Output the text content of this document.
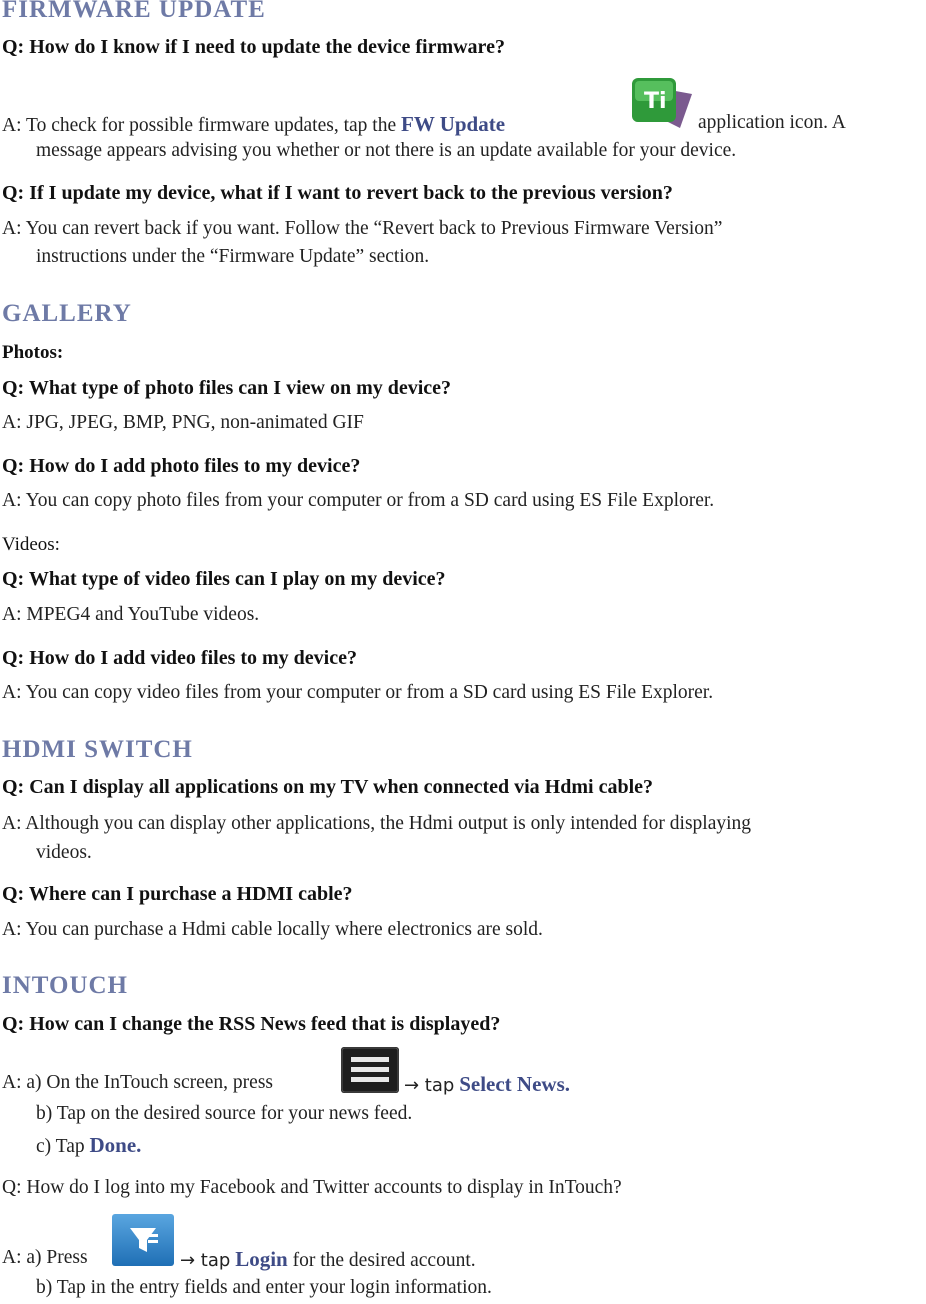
FIRMWARE UPDATE
Q: How do I know if I need to update the device firmware?
A: To check for possible firmware updates, tap the FW Update
Ti
application icon. A
message appears advising you whether or not there is an update available for your device.
Q: If I update my device, what if I want to revert back to the previous version?
A: You can revert back if you want. Follow the “Revert back to Previous Firmware Version”
instructions under the “Firmware Update” section.
GALLERY
Photos:
Q: What type of photo files can I view on my device?
A: JPG, JPEG, BMP, PNG, non-animated GIF
Q: How do I add photo files to my device?
A: You can copy photo files from your computer or from a SD card using ES File Explorer.
Videos:
Q: What type of video files can I play on my device?
A: MPEG4 and YouTube videos.
Q: How do I add video files to my device?
A: You can copy video files from your computer or from a SD card using ES File Explorer.
HDMI SWITCH
Q: Can I display all applications on my TV when connected via Hdmi cable?
A: Although you can display other applications, the Hdmi output is only intended for displaying
videos.
Q: Where can I purchase a HDMI cable?
A: You can purchase a Hdmi cable locally where electronics are sold.
INTOUCH
Q: How can I change the RSS News feed that is displayed?
A: a) On the InTouch screen, press	→ tap Select News.
b) Tap on the desired source for your news feed.
c) Tap Done.
Q: How do I log into my Facebook and Twitter accounts to display in InTouch?
A: a) Press	→ tap Login for the desired account.
b) Tap in the entry fields and enter your login information.
